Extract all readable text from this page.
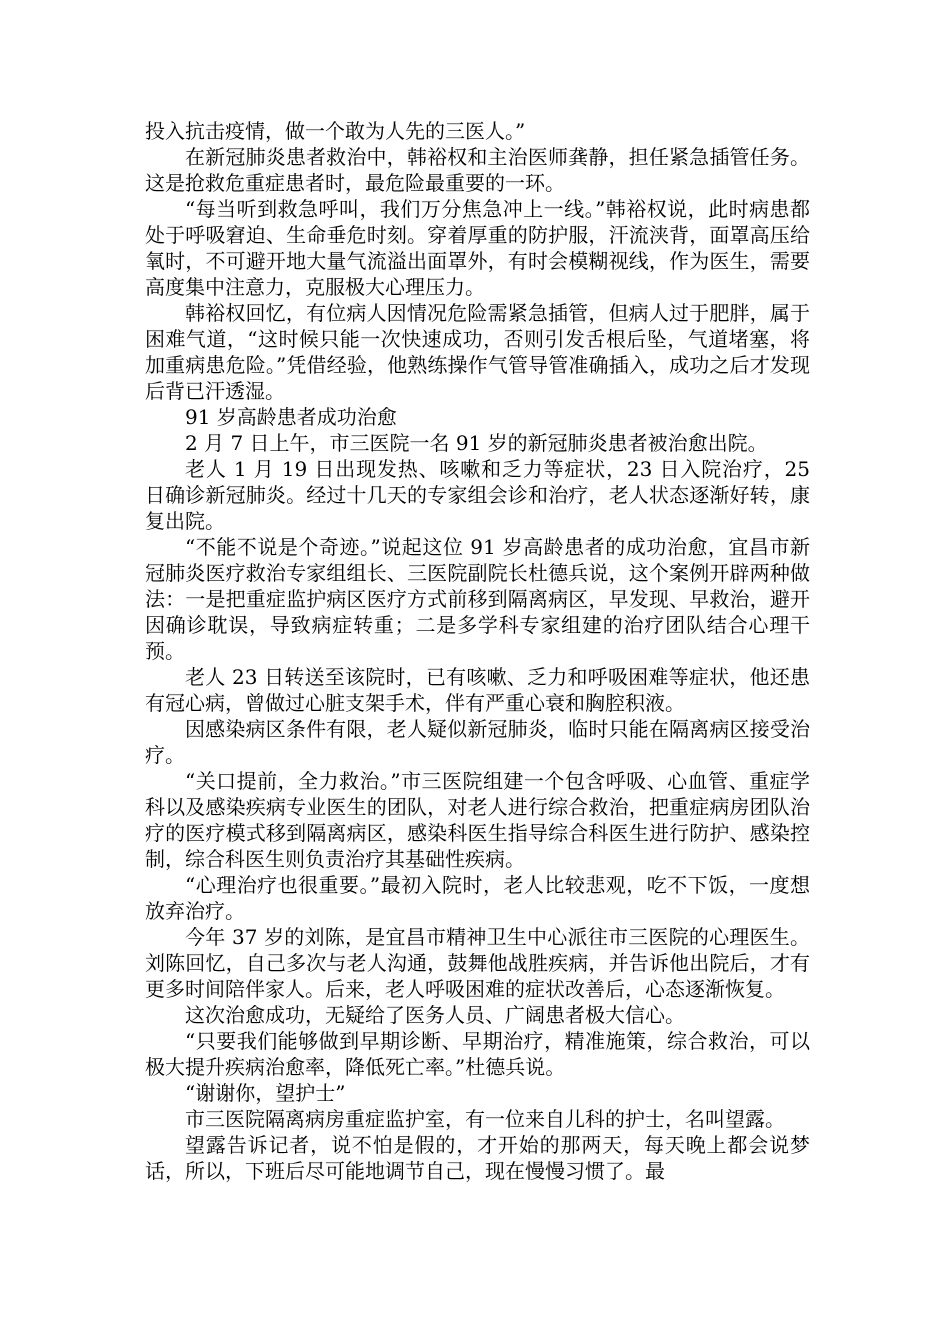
投入抗击疫情，做一个敢为人先的三医人。”

在新冠肺炎患者救治中，韩裕权和主治医师龚静，担任紧急插管任务。这是抢救危重症患者时，最危险最重要的一环。

“每当听到救急呼叫，我们万分焦急冲上一线。”韩裕权说，此时病患都处于呼吸窘迫、生命垂危时刻。穿着厚重的防护服，汗流浃背，面罩高压给氧时，不可避开地大量气流溢出面罩外，有时会模糊视线，作为医生，需要高度集中注意力，克服极大心理压力。

韩裕权回忆，有位病人因情况危险需紧急插管，但病人过于肥胖，属于困难气道，“这时候只能一次快速成功，否则引发舌根后坠，气道堵塞，将加重病患危险。”凭借经验，他熟练操作气管导管准确插入，成功之后才发现后背已汗透湿。

91 岁高龄患者成功治愈

2 月 7 日上午，市三医院一名 91 岁的新冠肺炎患者被治愈出院。

老人 1 月 19 日出现发热、咳嗽和乏力等症状，23 日入院治疗，25 日确诊新冠肺炎。经过十几天的专家组会诊和治疗，老人状态逐渐好转，康复出院。

“不能不说是个奇迹。”说起这位 91 岁高龄患者的成功治愈，宜昌市新冠肺炎医疗救治专家组组长、三医院副院长杜德兵说，这个案例开辟两种做法：一是把重症监护病区医疗方式前移到隔离病区，早发现、早救治，避开因确诊耽误，导致病症转重；二是多学科专家组建的治疗团队结合心理干预。

老人 23 日转送至该院时，已有咳嗽、乏力和呼吸困难等症状，他还患有冠心病，曾做过心脏支架手术，伴有严重心衰和胸腔积液。

因感染病区条件有限，老人疑似新冠肺炎，临时只能在隔离病区接受治疗。

“关口提前，全力救治。”市三医院组建一个包含呼吸、心血管、重症学科以及感染疾病专业医生的团队，对老人进行综合救治，把重症病房团队治疗的医疗模式移到隔离病区，感染科医生指导综合科医生进行防护、感染控制，综合科医生则负责治疗其基础性疾病。

“心理治疗也很重要。”最初入院时，老人比较悲观，吃不下饭，一度想放弃治疗。

今年 37 岁的刘陈，是宜昌市精神卫生中心派往市三医院的心理医生。刘陈回忆，自己多次与老人沟通，鼓舞他战胜疾病，并告诉他出院后，才有更多时间陪伴家人。后来，老人呼吸困难的症状改善后，心态逐渐恢复。

这次治愈成功，无疑给了医务人员、广阔患者极大信心。

“只要我们能够做到早期诊断、早期治疗，精准施策，综合救治，可以极大提升疾病治愈率，降低死亡率。”杜德兵说。

“谢谢你，望护士”

市三医院隔离病房重症监护室，有一位来自儿科的护士，名叫望露。

望露告诉记者，说不怕是假的，才开始的那两天，每天晚上都会说梦话，所以，下班后尽可能地调节自己，现在慢慢习惯了。最
